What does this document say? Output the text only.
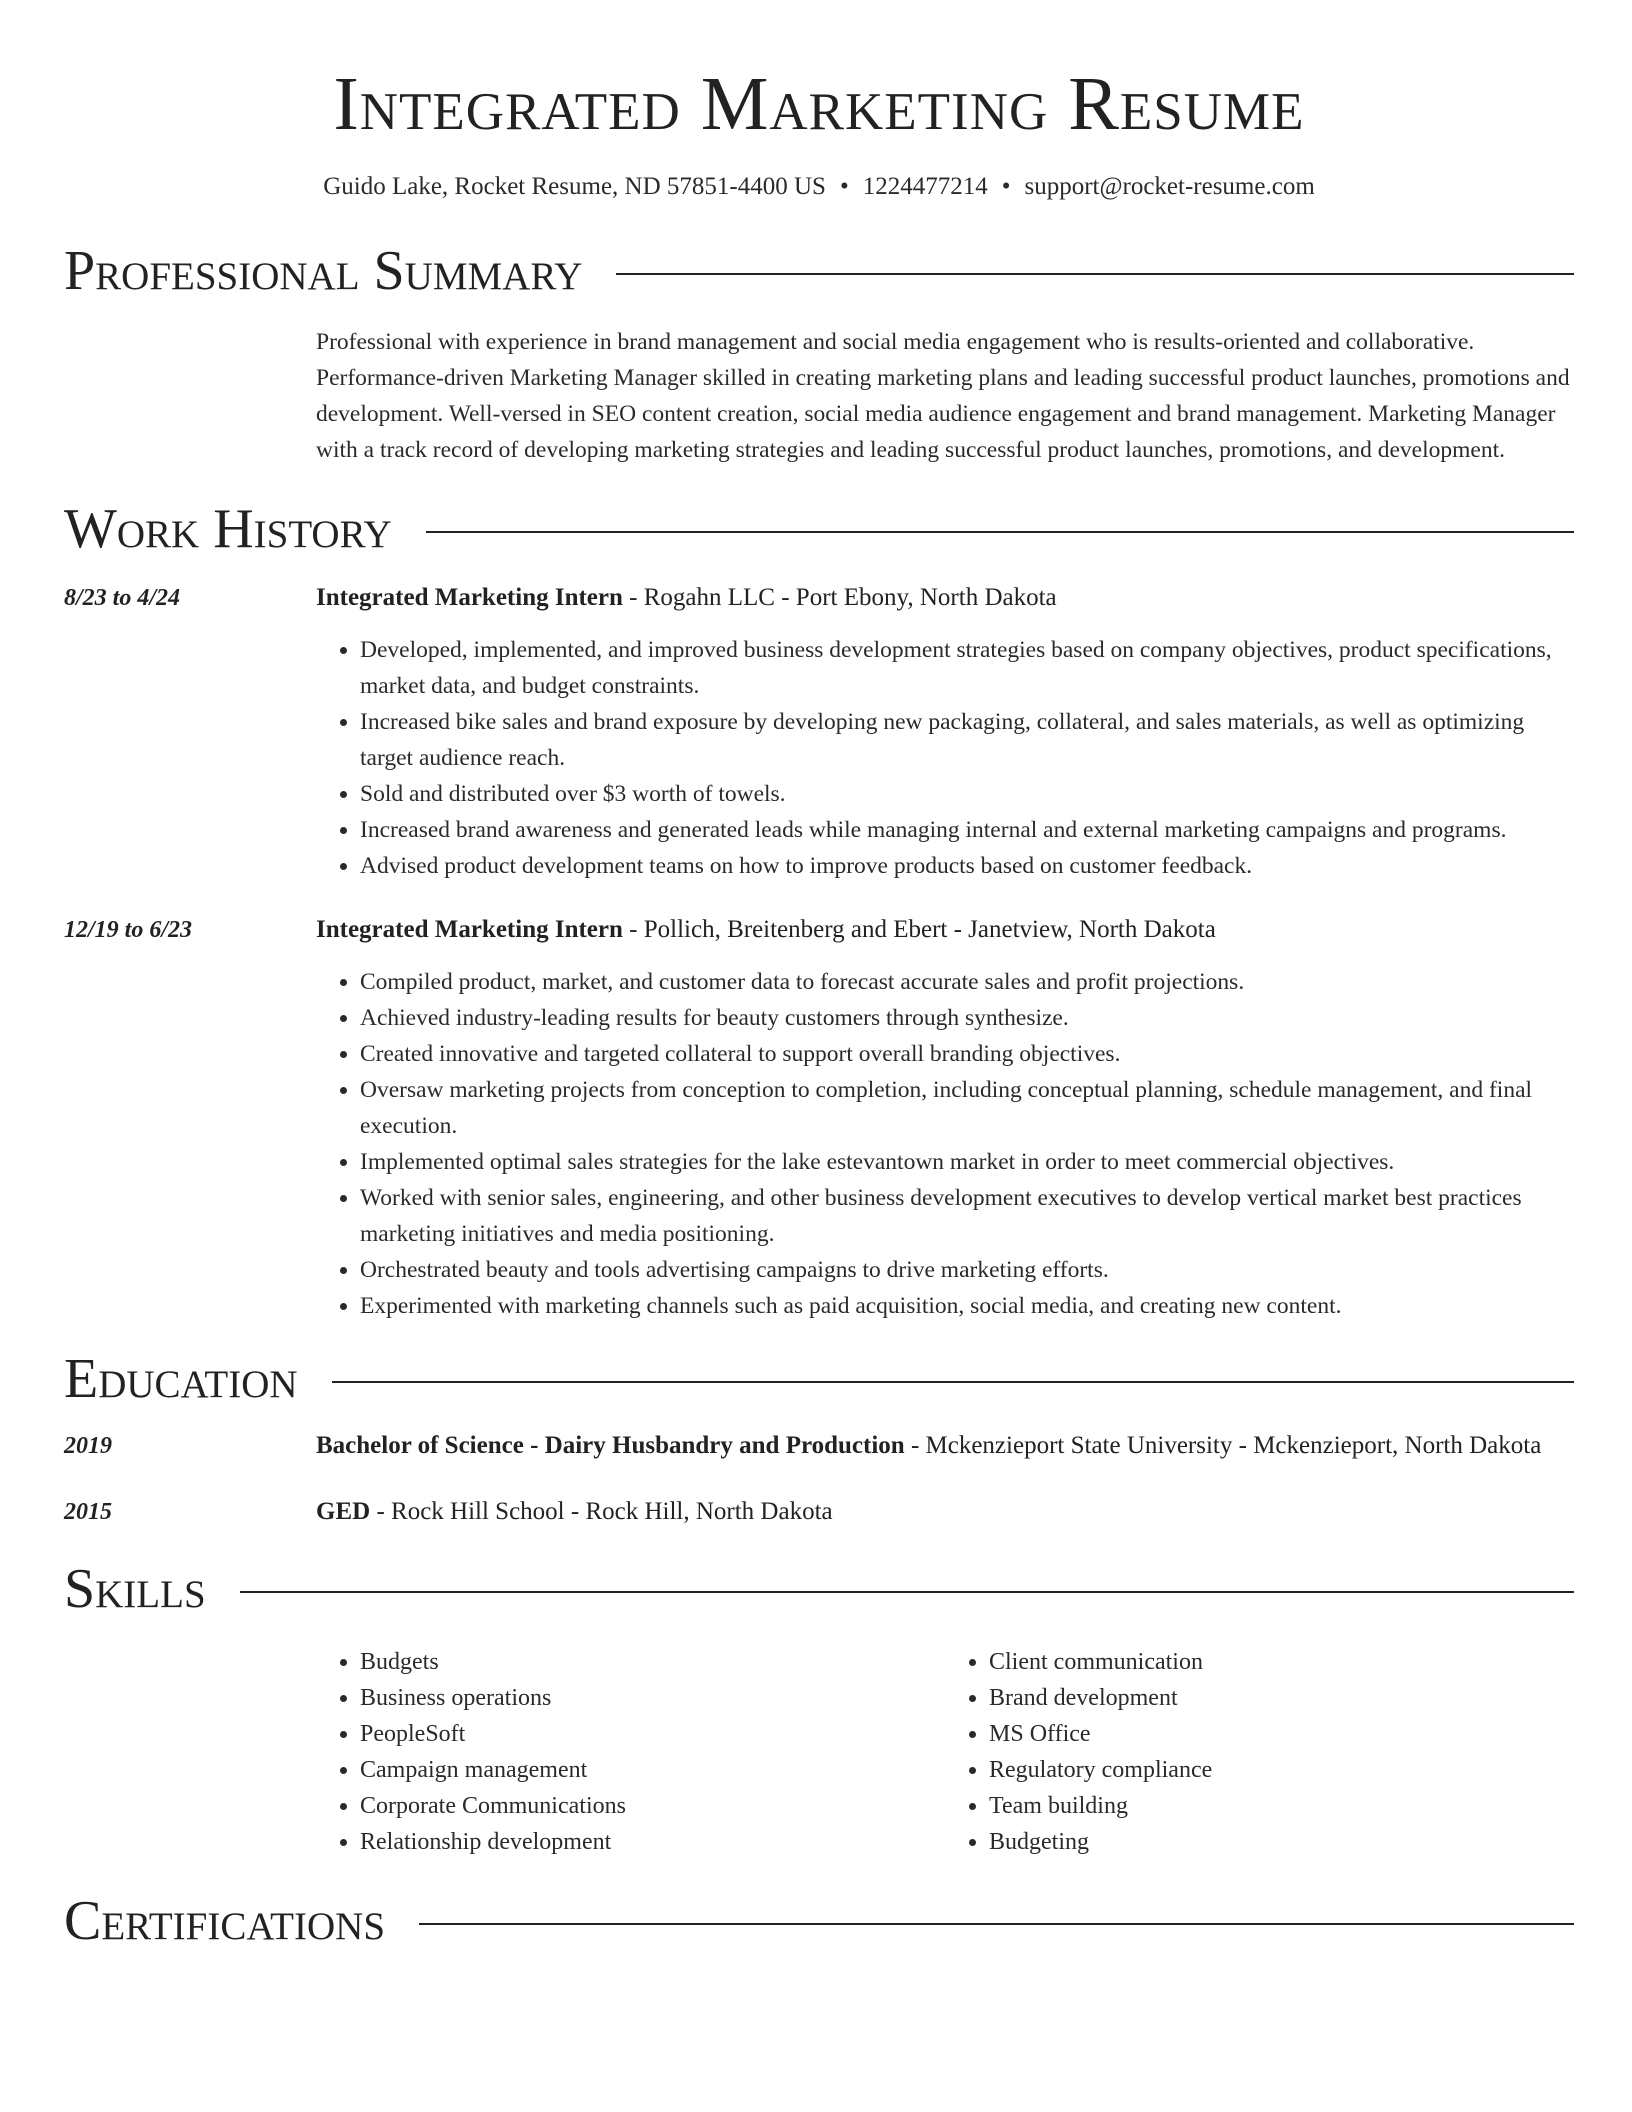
Integrated Marketing Resume
Guido Lake, Rocket Resume, ND 57851-4400 US • 1224477214 • support@rocket-resume.com
Professional Summary
Professional with experience in brand management and social media engagement who is results-oriented and collaborative. Performance-driven Marketing Manager skilled in creating marketing plans and leading successful product launches, promotions and development. Well-versed in SEO content creation, social media audience engagement and brand management. Marketing Manager with a track record of developing marketing strategies and leading successful product launches, promotions, and development.
Work History
8/23 to 4/24	Integrated Marketing Intern - Rogahn LLC - Port Ebony, North Dakota
• Developed, implemented, and improved business development strategies based on company objectives, product specifications, market data, and budget constraints.
• Increased bike sales and brand exposure by developing new packaging, collateral, and sales materials, as well as optimizing target audience reach.
• Sold and distributed over $3 worth of towels.
• Increased brand awareness and generated leads while managing internal and external marketing campaigns and programs.
• Advised product development teams on how to improve products based on customer feedback.
12/19 to 6/23	Integrated Marketing Intern - Pollich, Breitenberg and Ebert - Janetview, North Dakota
• Compiled product, market, and customer data to forecast accurate sales and profit projections.
• Achieved industry-leading results for beauty customers through synthesize.
• Created innovative and targeted collateral to support overall branding objectives.
• Oversaw marketing projects from conception to completion, including conceptual planning, schedule management, and final execution.
• Implemented optimal sales strategies for the lake estevantown market in order to meet commercial objectives.
• Worked with senior sales, engineering, and other business development executives to develop vertical market best practices marketing initiatives and media positioning.
• Orchestrated beauty and tools advertising campaigns to drive marketing efforts.
• Experimented with marketing channels such as paid acquisition, social media, and creating new content.
Education
2019	Bachelor of Science - Dairy Husbandry and Production - Mckenzieport State University - Mckenzieport, North Dakota
2015	GED - Rock Hill School - Rock Hill, North Dakota
Skills
• Budgets
• Business operations
• PeopleSoft
• Campaign management
• Corporate Communications
• Relationship development
• Client communication
• Brand development
• MS Office
• Regulatory compliance
• Team building
• Budgeting
Certifications
